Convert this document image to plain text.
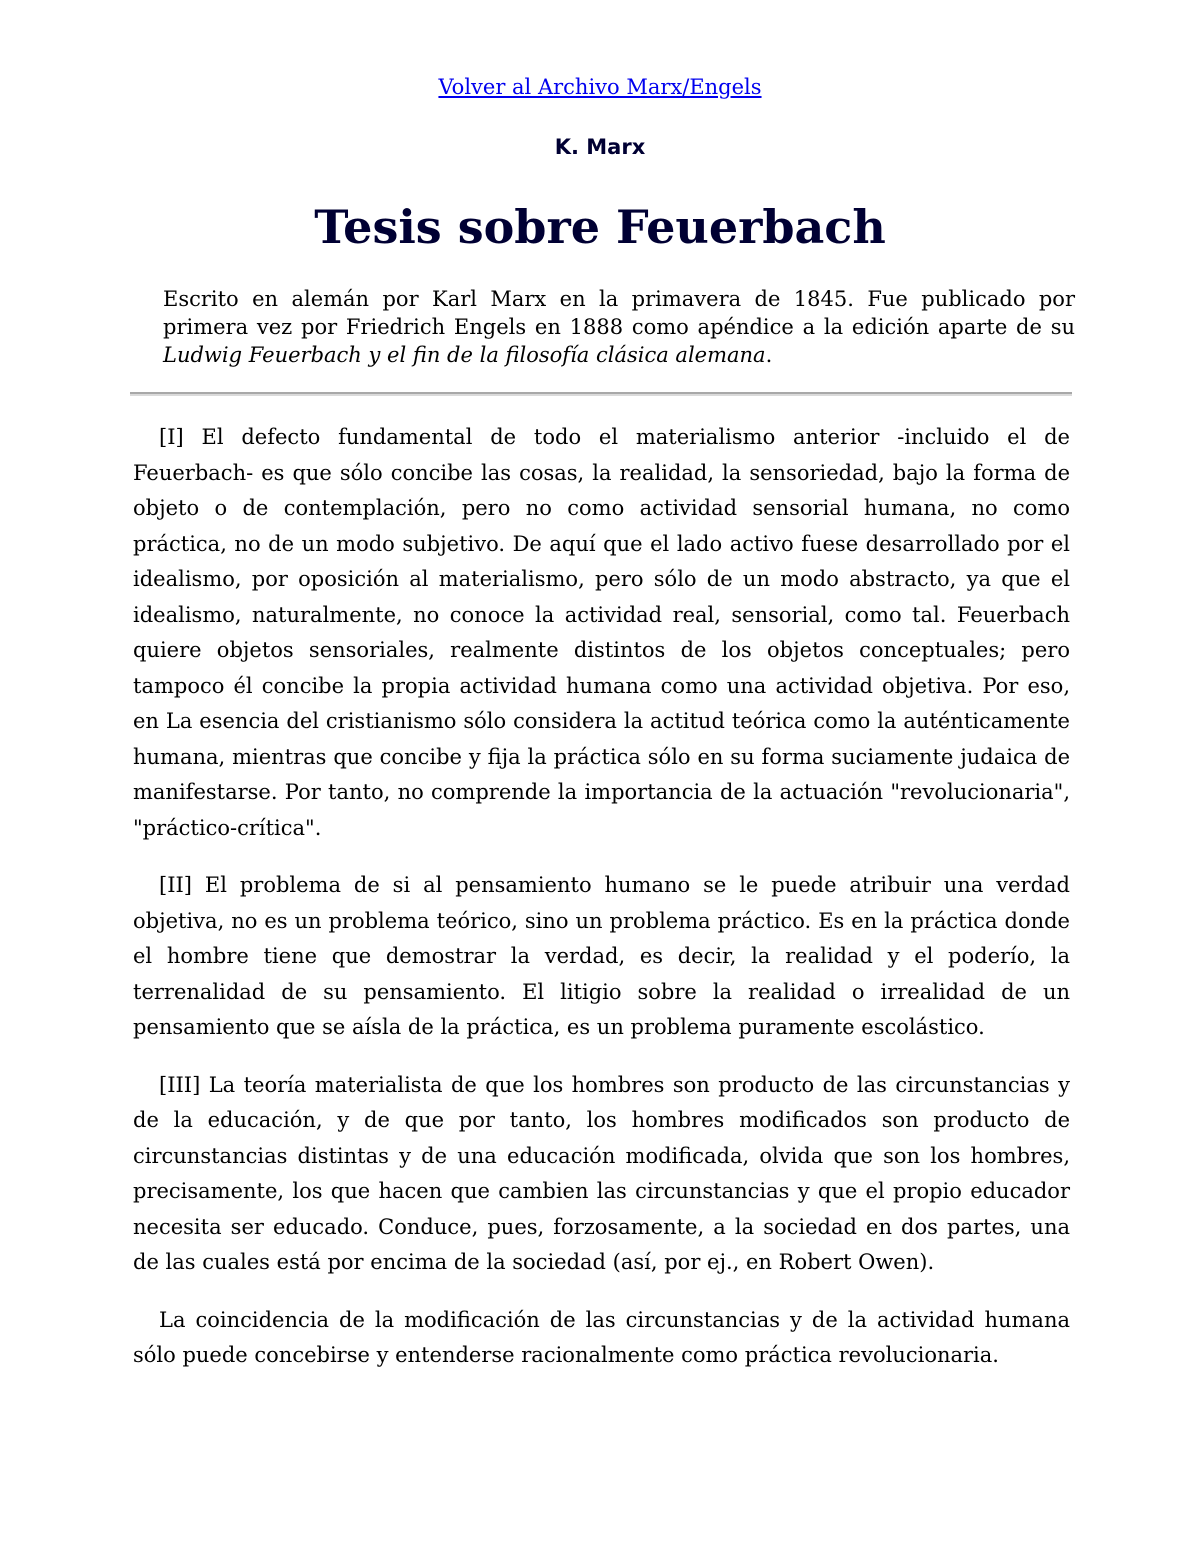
Volver al Archivo Marx/Engels
K. Marx
Tesis sobre Feuerbach

Escrito en alemán por Karl Marx en la primavera de 1845. Fue publicado por primera vez por Friedrich Engels en 1888 como apéndice a la edición aparte de su Ludwig Feuerbach y el fin de la filosofía clásica alemana.

[I] El defecto fundamental de todo el materialismo anterior -incluido el de Feuerbach- es que sólo concibe las cosas, la realidad, la sensoriedad, bajo la forma de objeto o de contemplación, pero no como actividad sensorial humana, no como práctica, no de un modo subjetivo. De aquí que el lado activo fuese desarrollado por el idealismo, por oposición al materialismo, pero sólo de un modo abstracto, ya que el idealismo, naturalmente, no conoce la actividad real, sensorial, como tal. Feuerbach quiere objetos sensoriales, realmente distintos de los objetos conceptuales; pero tampoco él concibe la propia actividad humana como una actividad objetiva. Por eso, en La esencia del cristianismo sólo considera la actitud teórica como la auténticamente humana, mientras que concibe y fija la práctica sólo en su forma suciamente judaica de manifestarse. Por tanto, no comprende la importancia de la actuación "revolucionaria", "práctico-crítica".

[II] El problema de si al pensamiento humano se le puede atribuir una verdad objetiva, no es un problema teórico, sino un problema práctico. Es en la práctica donde el hombre tiene que demostrar la verdad, es decir, la realidad y el poderío, la terrenalidad de su pensamiento. El litigio sobre la realidad o irrealidad de un pensamiento que se aísla de la práctica, es un problema puramente escolástico.

[III] La teoría materialista de que los hombres son producto de las circunstancias y de la educación, y de que por tanto, los hombres modificados son producto de circunstancias distintas y de una educación modificada, olvida que son los hombres, precisamente, los que hacen que cambien las circunstancias y que el propio educador necesita ser educado. Conduce, pues, forzosamente, a la sociedad en dos partes, una de las cuales está por encima de la sociedad (así, por ej., en Robert Owen).

La coincidencia de la modificación de las circunstancias y de la actividad humana sólo puede concebirse y entenderse racionalmente como práctica revolucionaria.
